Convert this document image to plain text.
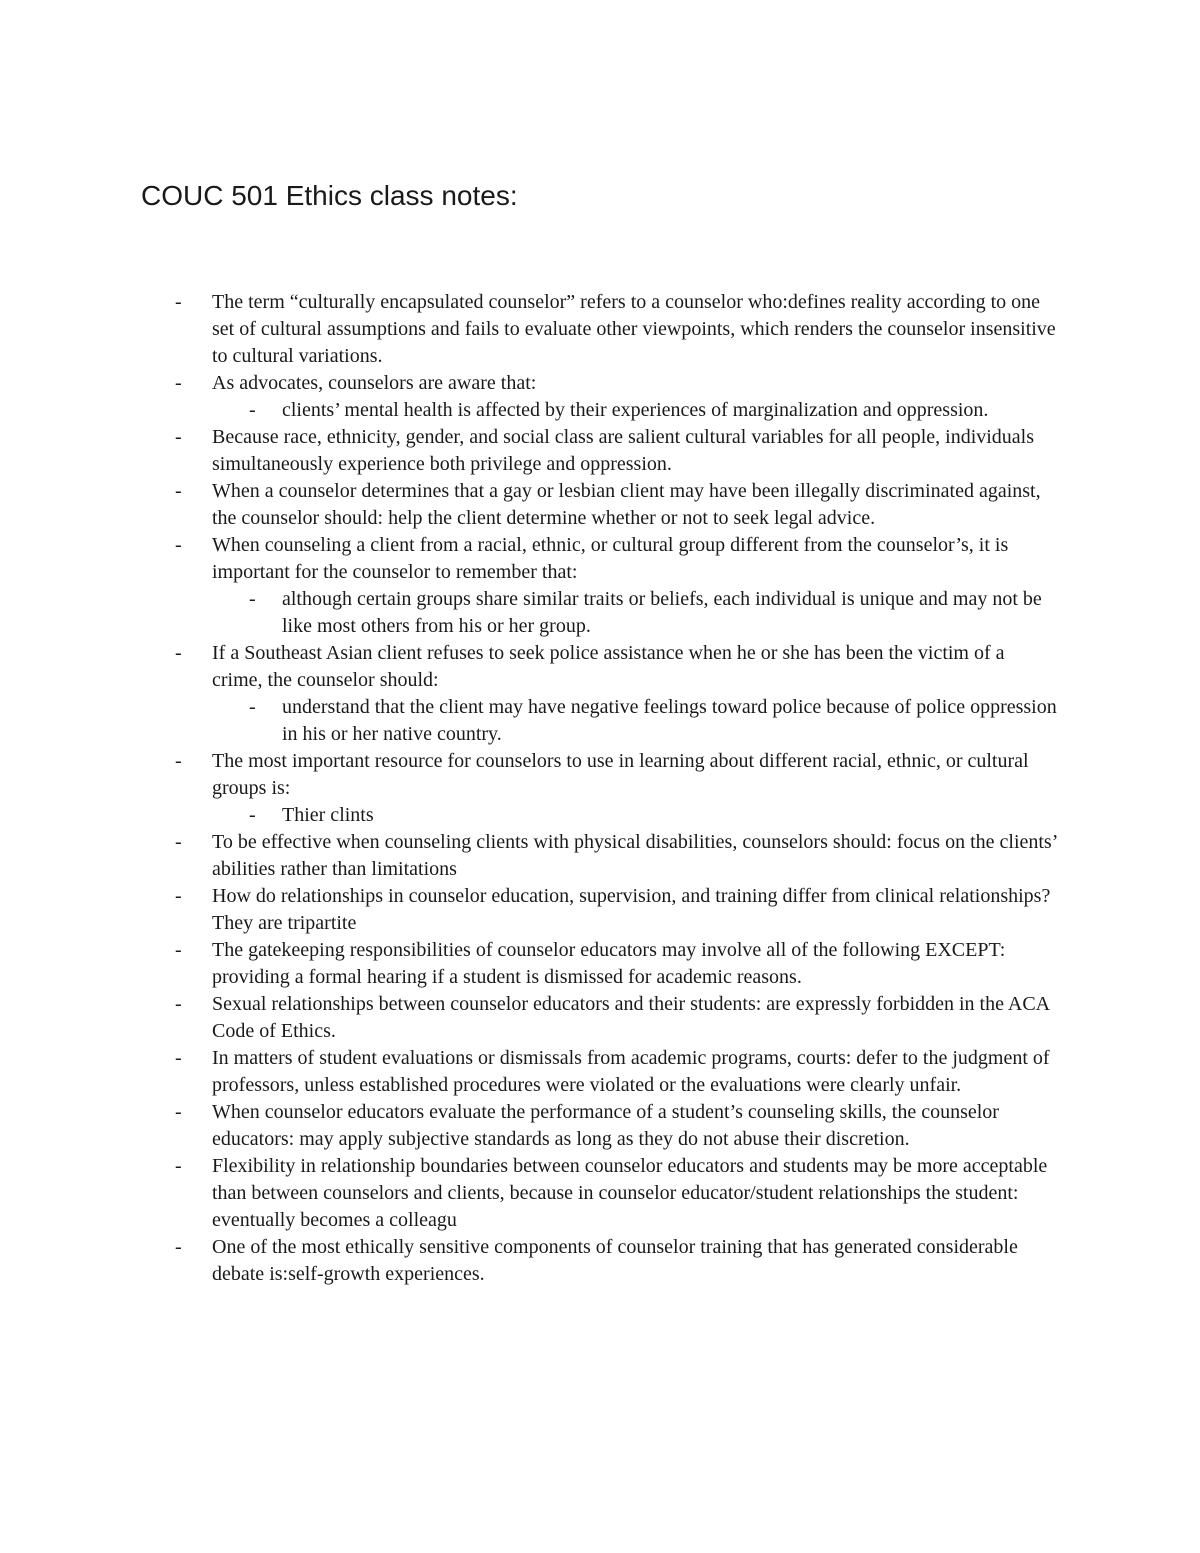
COUC 501 Ethics class notes:
-	The term “culturally encapsulated counselor” refers to a counselor who:defines reality according to one set of cultural assumptions and fails to evaluate other viewpoints, which renders the counselor insensitive to cultural variations.
-	As advocates, counselors are aware that:
-	clients’ mental health is affected by their experiences of marginalization and oppression.
-	Because race, ethnicity, gender, and social class are salient cultural variables for all people, individuals simultaneously experience both privilege and oppression.
-	When a counselor determines that a gay or lesbian client may have been illegally discriminated against, the counselor should: help the client determine whether or not to seek legal advice.
-	When counseling a client from a racial, ethnic, or cultural group different from the counselor’s, it is important for the counselor to remember that:
-	although certain groups share similar traits or beliefs, each individual is unique and may not be like most others from his or her group.
-	If a Southeast Asian client refuses to seek police assistance when he or she has been the victim of a crime, the counselor should:
-	understand that the client may have negative feelings toward police because of police oppression in his or her native country.
-	The most important resource for counselors to use in learning about different racial, ethnic, or cultural groups is:
-	Thier clints
-	To be effective when counseling clients with physical disabilities, counselors should: focus on the clients’ abilities rather than limitations
-	How do relationships in counselor education, supervision, and training differ from clinical relationships? They are tripartite
-	The gatekeeping responsibilities of counselor educators may involve all of the following EXCEPT: providing a formal hearing if a student is dismissed for academic reasons.
-	Sexual relationships between counselor educators and their students: are expressly forbidden in the ACA Code of Ethics.
-	In matters of student evaluations or dismissals from academic programs, courts: defer to the judgment of professors, unless established procedures were violated or the evaluations were clearly unfair.
-	When counselor educators evaluate the performance of a student’s counseling skills, the counselor educators: may apply subjective standards as long as they do not abuse their discretion.
-	Flexibility in relationship boundaries between counselor educators and students may be more acceptable than between counselors and clients, because in counselor educator/student relationships the student: eventually becomes a colleagu
-	One of the most ethically sensitive components of counselor training that has generated considerable debate is:self-growth experiences.
